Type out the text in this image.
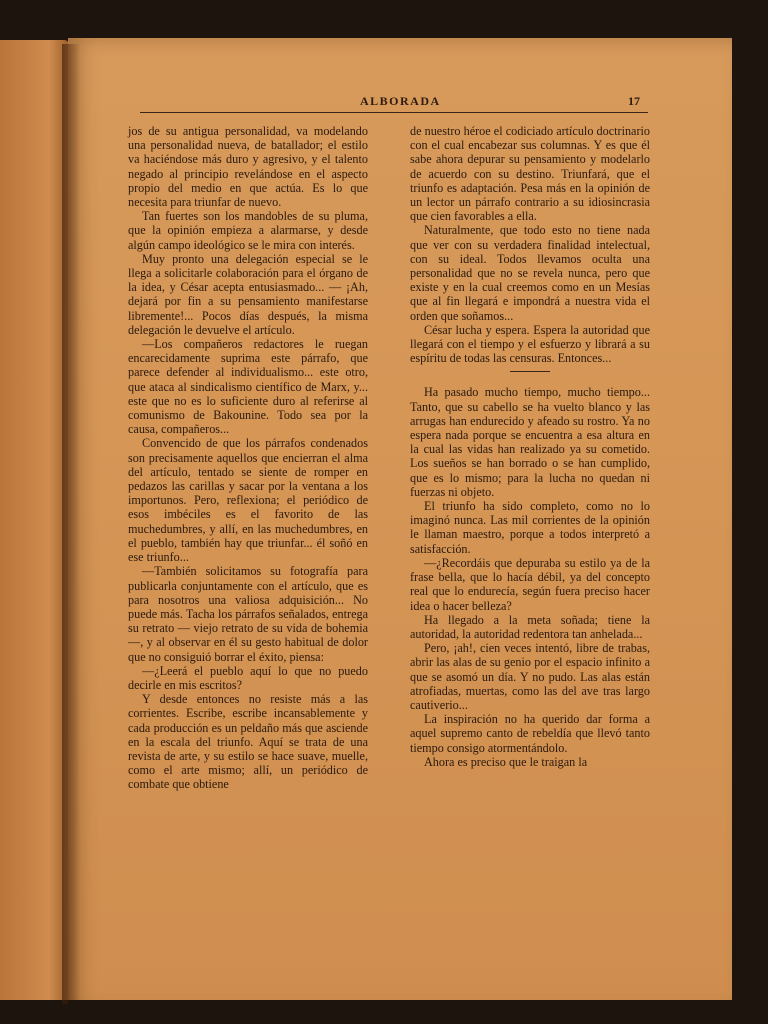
ALBORADA	17

jos de su antigua personalidad, va modelando una personalidad nueva, de batallador; el estilo va haciéndose más duro y agresivo, y el talento negado al principio revelándose en el aspecto propio del medio en que actúa. Es lo que necesita para triunfar de nuevo.

Tan fuertes son los mandobles de su pluma, que la opinión empieza a alarmarse, y desde algún campo ideológico se le mira con interés.

Muy pronto una delegación especial se le llega a solicitarle colaboración para el órgano de la idea, y César acepta entusiasmado... — ¡Ah, dejará por fin a su pensamiento manifestarse libremente!... Pocos días después, la misma delegación le devuelve el artículo.

—Los compañeros redactores le ruegan encarecidamente suprima este párrafo, que parece defender al individualismo... este otro, que ataca al sindicalismo científico de Marx, y... este que no es lo suficiente duro al referirse al comunismo de Bakounine. Todo sea por la causa, compañeros...

Convencido de que los párrafos condenados son precisamente aquellos que encierran el alma del artículo, tentado se siente de romper en pedazos las carillas y sacar por la ventana a los importunos. Pero, reflexiona; el periódico de esos imbéciles es el favorito de las muchedumbres, y allí, en las muchedumbres, en el pueblo, también hay que triunfar... él soñó en ese triunfo...

—También solicitamos su fotografía para publicarla conjuntamente con el artículo, que es para nosotros una valiosa adquisición... No puede más. Tacha los párrafos señalados, entrega su retrato — viejo retrato de su vida de bohemia—, y al observar en él su gesto habitual de dolor que no consiguió borrar el éxito, piensa:

—¿Leerá el pueblo aquí lo que no puedo decirle en mis escritos?

Y desde entonces no resiste más a las corrientes. Escribe, escribe incansablemente y cada producción es un peldaño más que asciende en la escala del triunfo. Aquí se trata de una revista de arte, y su estilo se hace suave, muelle, como el arte mismo; allí, un periódico de combate que obtiene

de nuestro héroe el codiciado artículo doctrinario con el cual encabezar sus columnas. Y es que él sabe ahora depurar su pensamiento y modelarlo de acuerdo con su destino. Triunfará, que el triunfo es adaptación. Pesa más en la opinión de un lector un párrafo contrario a su idiosincrasia que cien favorables a ella.

Naturalmente, que todo esto no tiene nada que ver con su verdadera finalidad intelectual, con su ideal. Todos llevamos oculta una personalidad que no se revela nunca, pero que existe y en la cual creemos como en un Mesías que al fin llegará e impondrá a nuestra vida el orden que soñamos...

César lucha y espera. Espera la autoridad que llegará con el tiempo y el esfuerzo y librará a su espíritu de todas las censuras. Entonces...

Ha pasado mucho tiempo, mucho tiempo... Tanto, que su cabello se ha vuelto blanco y las arrugas han endurecido y afeado su rostro. Ya no espera nada porque se encuentra a esa altura en la cual las vidas han realizado ya su cometido. Los sueños se han borrado o se han cumplido, que es lo mismo; para la lucha no quedan ni fuerzas ni objeto.

El triunfo ha sido completo, como no lo imaginó nunca. Las mil corrientes de la opinión le llaman maestro, porque a todos interpretó a satisfacción.

—¿Recordáis que depuraba su estilo ya de la frase bella, que lo hacía débil, ya del concepto real que lo endurecía, según fuera preciso hacer idea o hacer belleza?

Ha llegado a la meta soñada; tiene la autoridad, la autoridad redentora tan anhelada...

Pero, ¡ah!, cien veces intentó, libre de trabas, abrir las alas de su genio por el espacio infinito a que se asomó un día. Y no pudo. Las alas están atrofiadas, muertas, como las del ave tras largo cautiverio...

La inspiración no ha querido dar forma a aquel supremo canto de rebeldía que llevó tanto tiempo consigo atormentándolo.

Ahora es preciso que le traigan la
